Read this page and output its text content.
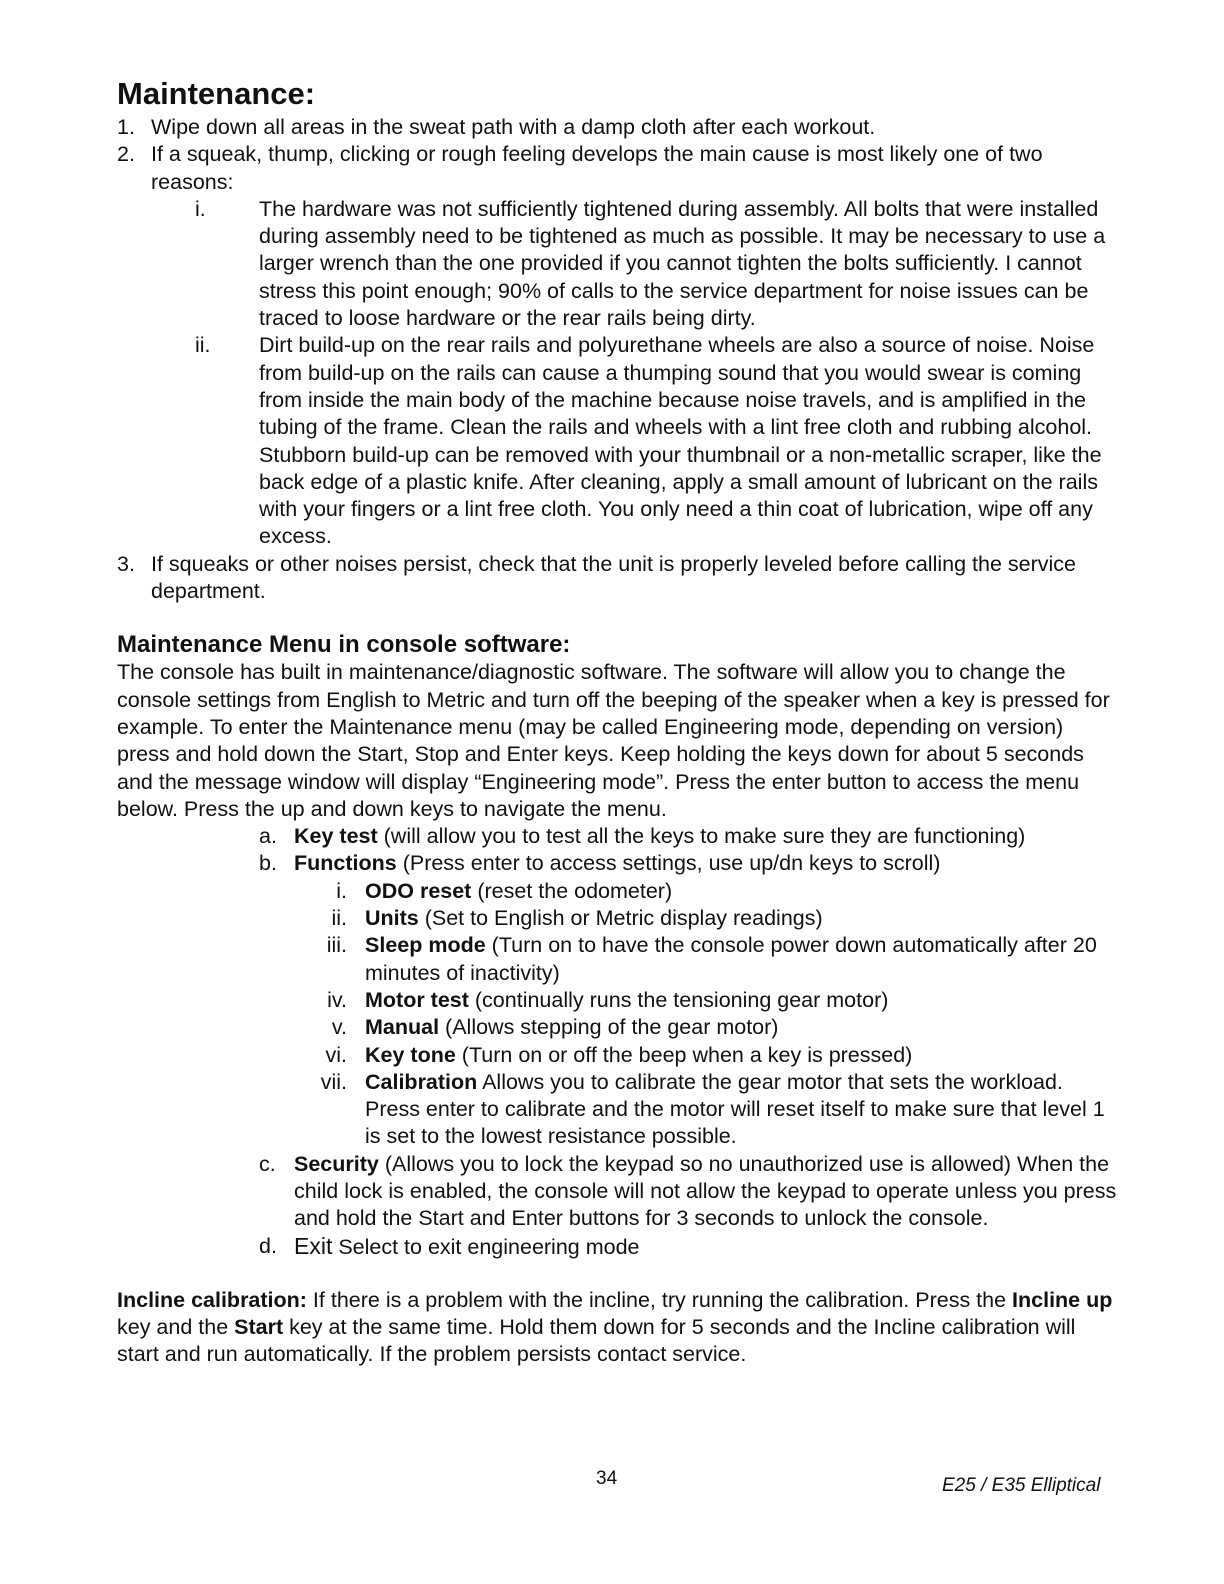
Maintenance:
1. Wipe down all areas in the sweat path with a damp cloth after each workout.
2. If a squeak, thump, clicking or rough feeling develops the main cause is most likely one of two reasons:
i. The hardware was not sufficiently tightened during assembly. All bolts that were installed during assembly need to be tightened as much as possible. It may be necessary to use a larger wrench than the one provided if you cannot tighten the bolts sufficiently. I cannot stress this point enough; 90% of calls to the service department for noise issues can be traced to loose hardware or the rear rails being dirty.
ii. Dirt build-up on the rear rails and polyurethane wheels are also a source of noise. Noise from build-up on the rails can cause a thumping sound that you would swear is coming from inside the main body of the machine because noise travels, and is amplified in the tubing of the frame. Clean the rails and wheels with a lint free cloth and rubbing alcohol. Stubborn build-up can be removed with your thumbnail or a non-metallic scraper, like the back edge of a plastic knife. After cleaning, apply a small amount of lubricant on the rails with your fingers or a lint free cloth. You only need a thin coat of lubrication, wipe off any excess.
3. If squeaks or other noises persist, check that the unit is properly leveled before calling the service department.
Maintenance Menu in console software:

The console has built in maintenance/diagnostic software. The software will allow you to change the console settings from English to Metric and turn off the beeping of the speaker when a key is pressed for example. To enter the Maintenance menu (may be called Engineering mode, depending on version) press and hold down the Start, Stop and Enter keys. Keep holding the keys down for about 5 seconds and the message window will display “Engineering mode”. Press the enter button to access the menu below. Press the up and down keys to navigate the menu.

a. Key test (will allow you to test all the keys to make sure they are functioning)
b. Functions (Press enter to access settings, use up/dn keys to scroll)
i. ODO reset (reset the odometer)
ii. Units (Set to English or Metric display readings)
iii. Sleep mode (Turn on to have the console power down automatically after 20 minutes of inactivity)
iv. Motor test (continually runs the tensioning gear motor)
v. Manual (Allows stepping of the gear motor)
vi. Key tone (Turn on or off the beep when a key is pressed)
vii. Calibration Allows you to calibrate the gear motor that sets the workload. Press enter to calibrate and the motor will reset itself to make sure that level 1 is set to the lowest resistance possible.
c. Security (Allows you to lock the keypad so no unauthorized use is allowed) When the child lock is enabled, the console will not allow the keypad to operate unless you press and hold the Start and Enter buttons for 3 seconds to unlock the console.
d. Exit Select to exit engineering mode

Incline calibration: If there is a problem with the incline, try running the calibration. Press the Incline up key and the Start key at the same time. Hold them down for 5 seconds and the Incline calibration will start and run automatically. If the problem persists contact service.

34	E25 / E35 Elliptical
